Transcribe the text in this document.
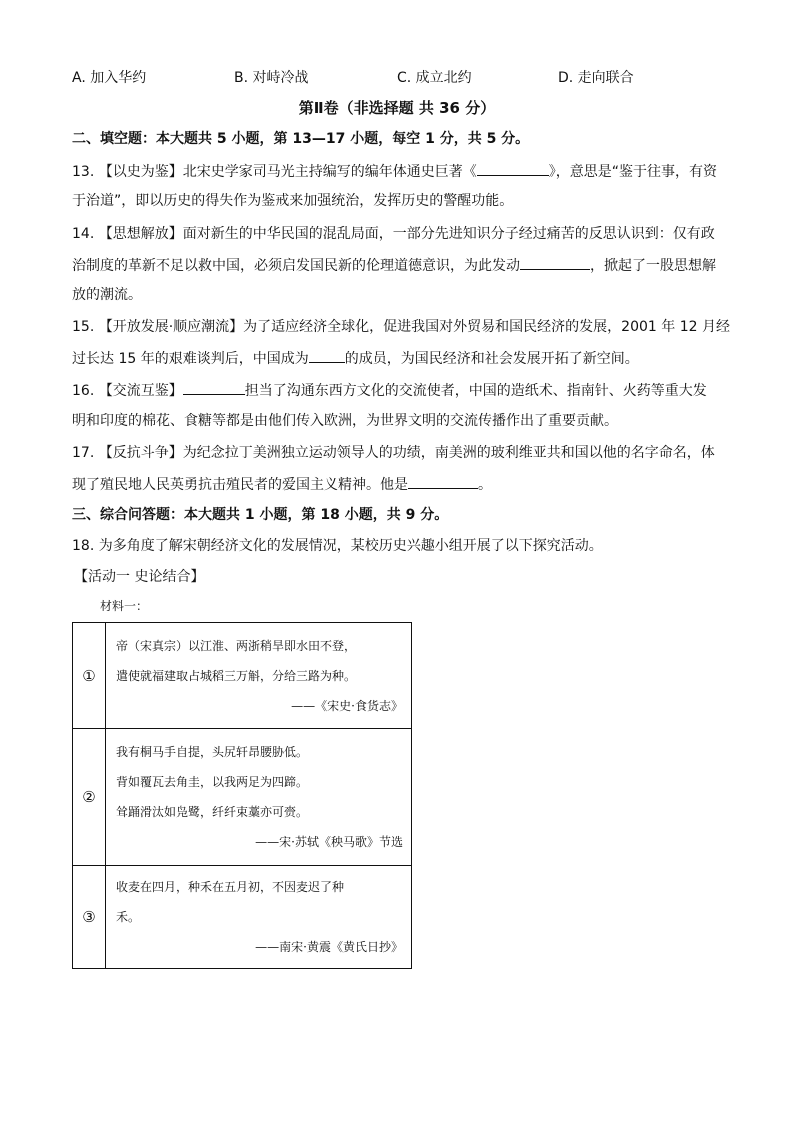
A. 加入华约	B. 对峙冷战	C. 成立北约	D. 走向联合
第Ⅱ卷（非选择题 共 36 分）
二、填空题：本大题共 5 小题，第 13—17 小题，每空 1 分，共 5 分。
13. 【以史为鉴】北宋史学家司马光主持编写的编年体通史巨著《	》，意思是“鉴于往事，有资
于治道”，即以历史的得失作为鉴戒来加强统治，发挥历史的警醒功能。
14. 【思想解放】面对新生的中华民国的混乱局面，一部分先进知识分子经过痛苦的反思认识到：仅有政
治制度的革新不足以救中国，必须启发国民新的伦理道德意识，为此发动	，掀起了一股思想解
放的潮流。
15. 【开放发展·顺应潮流】为了适应经济全球化，促进我国对外贸易和国民经济的发展，2001 年 12 月经
过长达 15 年的艰难谈判后，中国成为	的成员，为国民经济和社会发展开拓了新空间。
16. 【交流互鉴】	担当了沟通东西方文化的交流使者，中国的造纸术、指南针、火药等重大发
明和印度的棉花、食糖等都是由他们传入欧洲，为世界文明的交流传播作出了重要贡献。
17. 【反抗斗争】为纪念拉丁美洲独立运动领导人的功绩，南美洲的玻利维亚共和国以他的名字命名，体
现了殖民地人民英勇抗击殖民者的爱国主义精神。他是	。
三、综合问答题：本大题共 1 小题，第 18 小题，共 9 分。
18. 为多角度了解宋朝经济文化的发展情况，某校历史兴趣小组开展了以下探究活动。
【活动一 史论结合】
材料一：
①	帝（宋真宗）以江淮、两浙稍旱即水田不登，
遣使就福建取占城稻三万斛，分给三路为种。
——《宋史·食货志》

②	我有桐马手自提，头尻轩昂腰胁低。
背如覆瓦去角圭，以我两足为四蹄。
耸踊滑汰如凫鹭，纤纤束藁亦可赍。
——宋·苏轼《秧马歌》节选

③	收麦在四月，种禾在五月初，不因麦迟了种
禾。
——南宋·黄震《黄氏日抄》
